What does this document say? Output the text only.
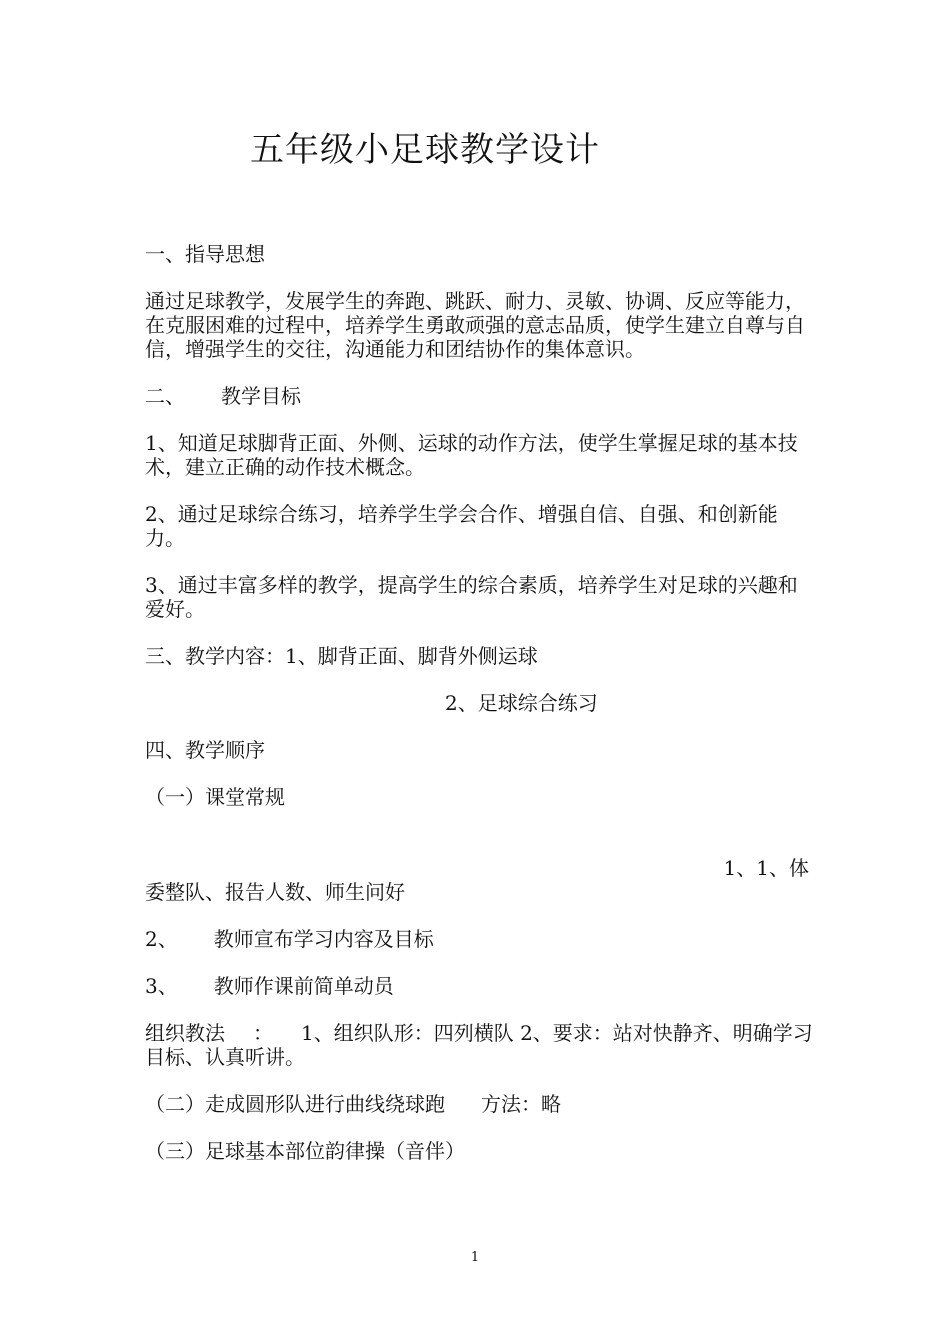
五年级小足球教学设计

一、指导思想

通过足球教学，发展学生的奔跑、跳跃、耐力、灵敏、协调、反应等能力，在克服困难的过程中，培养学生勇敢顽强的意志品质，使学生建立自尊与自信，增强学生的交往，沟通能力和团结协作的集体意识。

二、 教学目标

1、知道足球脚背正面、外侧、运球的动作方法，使学生掌握足球的基本技术，建立正确的动作技术概念。

2、通过足球综合练习，培养学生学会合作、增强自信、自强、和创新能力。

3、通过丰富多样的教学，提高学生的综合素质，培养学生对足球的兴趣和爱好。

三、教学内容：1、脚背正面、脚背外侧运球

2、足球综合练习

四、教学顺序

（一）课堂常规

1、1、体

委整队、报告人数、师生问好

2、 教师宣布学习内容及目标

3、 教师作课前简单动员

组织教法 ： 1、组织队形：四列横队 2、要求：站对快静齐、明确学习目标、认真听讲。

（二）走成圆形队进行曲线绕球跑 方法：略

（三）足球基本部位韵律操（音伴）

1
